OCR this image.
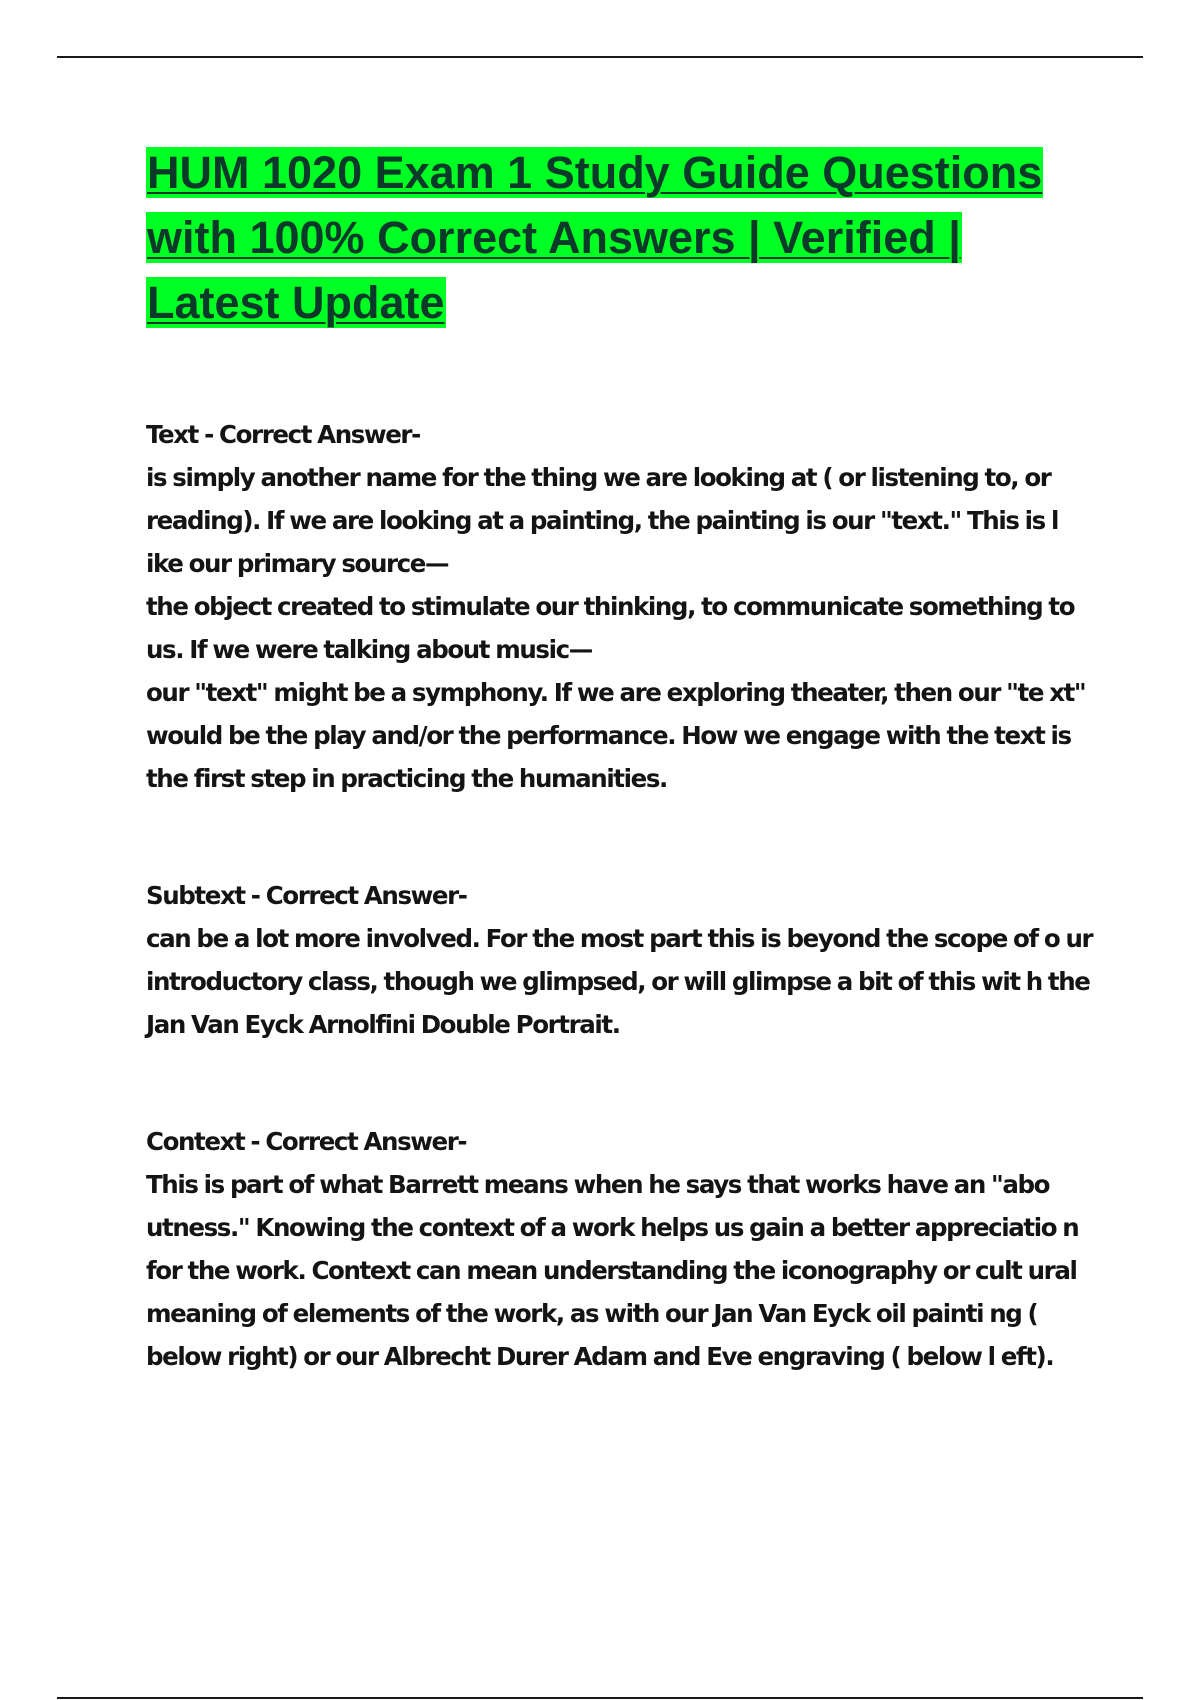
HUM 1020 Exam 1 Study Guide Questions with 100% Correct Answers | Verified | Latest Update
Text - Correct Answer-
is simply another name for the thing we are looking at ( or listening to, or reading). If we are looking at a painting, the painting is our "text." This is l ike our primary source—
the object created to stimulate our thinking, to communicate something to us. If we were talking about music—
our "text" might be a symphony. If we are exploring theater, then our "te xt" would be the play and/or the performance. How we engage with the text is the first step in practicing the humanities.
Subtext - Correct Answer-
can be a lot more involved. For the most part this is beyond the scope of o ur introductory class, though we glimpsed, or will glimpse a bit of this wit h the Jan Van Eyck Arnolfini Double Portrait.
Context - Correct Answer-
This is part of what Barrett means when he says that works have an "abo utness." Knowing the context of a work helps us gain a better appreciatio n for the work. Context can mean understanding the iconography or cult ural meaning of elements of the work, as with our Jan Van Eyck oil painti ng ( below right) or our Albrecht Durer Adam and Eve engraving ( below l eft).
